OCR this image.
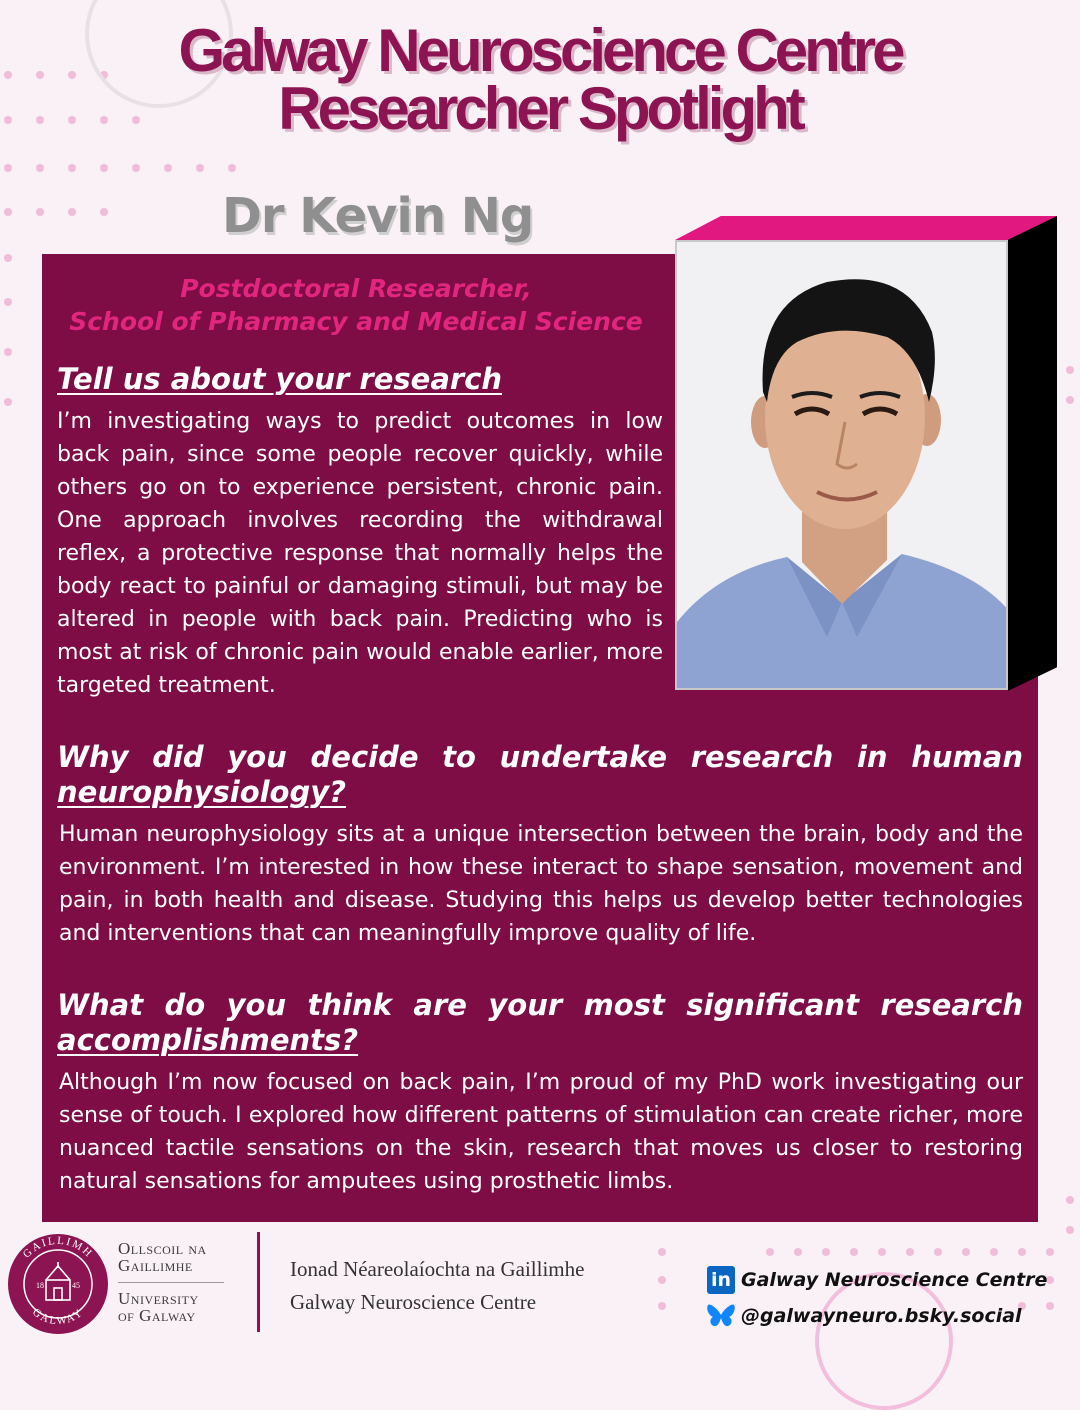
Galway Neuroscience Centre
Researcher Spotlight
Dr Kevin Ng
Postdoctoral Researcher,
School of Pharmacy and Medical Science
Tell us about your research
I’m investigating ways to predict outcomes in low back pain, since some people recover quickly, while others go on to experience persistent, chronic pain. One approach involves recording the withdrawal reflex, a protective response that normally helps the body react to painful or damaging stimuli, but may be altered in people with back pain. Predicting who is most at risk of chronic pain would enable earlier, more targeted treatment.
Why did you decide to undertake research in human neurophysiology?
Human neurophysiology sits at a unique intersection between the brain, body and the environment. I’m interested in how these interact to shape sensation, movement and pain, in both health and disease. Studying this helps us develop better technologies and interventions that can meaningfully improve quality of life.
What do you think are your most significant research accomplishments?
Although I’m now focused on back pain, I’m proud of my PhD work investigating our sense of touch. I explored how different patterns of stimulation can create richer, more nuanced tactile sensations on the skin, research that moves us closer to restoring natural sensations for amputees using prosthetic limbs.
GAILLIMH
GALWAY
18	45
Ollscoil na
Gaillimhe
University
of Galway
Ionad Néareolaíochta na Gaillimhe
Galway Neuroscience Centre
in Galway Neuroscience Centre
@galwayneuro.bsky.social
